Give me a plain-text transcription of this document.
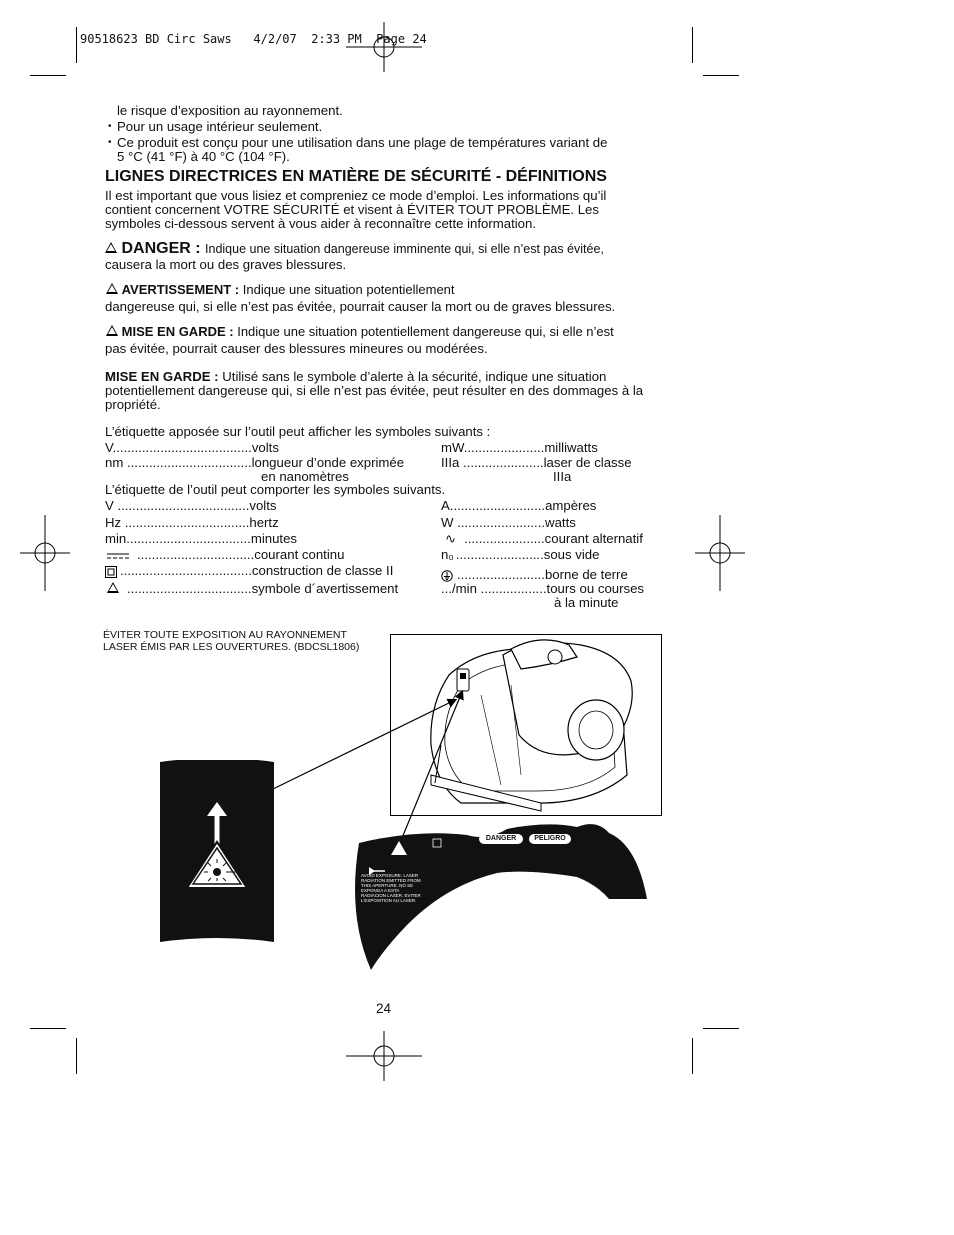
90518623 BD Circ Saws   4/2/07  2:33 PM  Page 24
le risque d’exposition au rayonnement.
• Pour un usage intérieur seulement.
• Ce produit est conçu pour une utilisation dans une plage de températures variant de
5 °C (41 °F) à 40 °C (104 °F).
LIGNES DIRECTRICES EN MATIÈRE DE SÉCURITÉ - DÉFINITIONS
Il est important que vous lisiez et compreniez ce mode d’emploi. Les informations qu’il
contient concernent VOTRE SÉCURITÉ et visent à ÉVITER TOUT PROBLÈME. Les
symboles ci-dessous servent à vous aider à reconnaître cette information.
DANGER : Indique une situation dangereuse imminente qui, si elle n’est pas évitée,
causera la mort ou des graves blessures.
AVERTISSEMENT : Indique une situation potentiellement
dangereuse qui, si elle n’est pas évitée, pourrait causer la mort ou de graves blessures.
MISE EN GARDE : Indique une situation potentiellement dangereuse qui, si elle n’est
pas évitée, pourrait causer des blessures mineures ou modérées.
MISE EN GARDE : Utilisé sans le symbole d’alerte à la sécurité, indique une situation
potentiellement dangereuse qui, si elle n’est pas évitée, peut résulter en des dommages à la
propriété.
L’étiquette apposée sur l’outil peut afficher les symboles suivants :
V......................................volts
nm ..................................longueur d’onde exprimée
en nanomètres
mW......................milliwatts
IIIa ......................laser de classe
IIIa
L’étiquette de l’outil peut comporter les symboles suivants.
V ....................................volts
Hz ..................................hertz
min..................................minutes
................................courant continu
....................................construction de classe II
..................................symbole d´avertissement
A..........................ampères
W ........................watts
∿ ......................courant alternatif
n₀ ........................sous vide
........................borne de terre
.../min ..................tours ou courses
à la minute
ÉVITER TOUTE EXPOSITION AU RAYONNEMENT
LASER ÉMIS PAR LES OUVERTURES. (BDCSL1806)
DANGER	PELIGRO
AVOID EXPOSURE. LASER RADIATION EMITTED FROM THIS APERTURE. NO SE EXPONGA A ESTA RADIACION LASER. EVITER L'EXPOSITION AU LASER.
24
